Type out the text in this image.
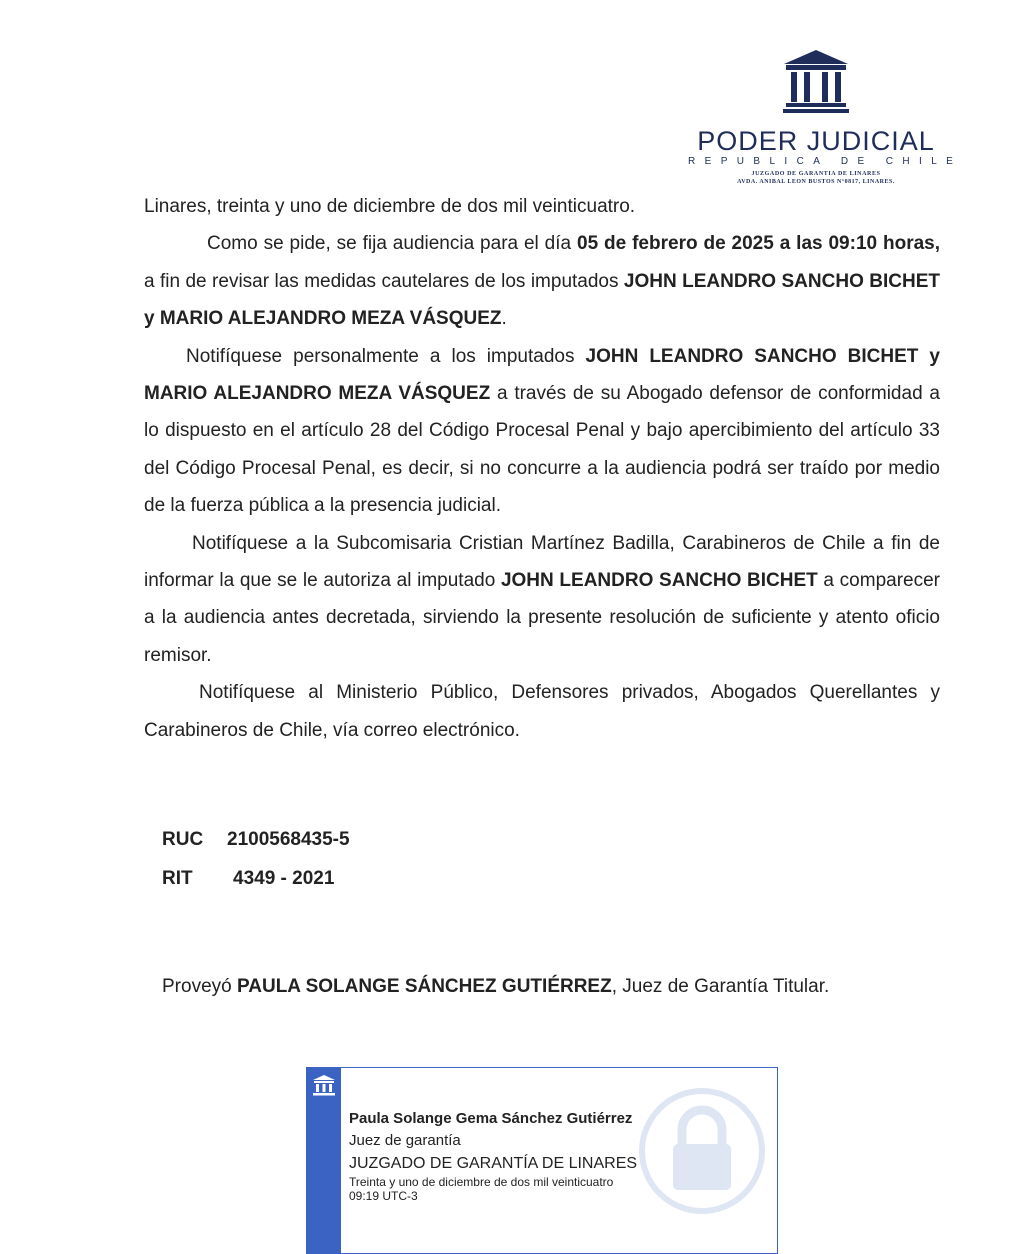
PODER JUDICIAL
REPUBLICA DE CHILE
JUZGADO DE GARANTIA DE LINARES
AVDA. ANIBAL LEON BUSTOS N°0817, LINARES.

Linares, treinta y uno de diciembre de dos mil veinticuatro.

Como se pide, se fija audiencia para el día 05 de febrero de 2025 a las 09:10 horas, a fin de revisar las medidas cautelares de los imputados JOHN LEANDRO SANCHO BICHET y MARIO ALEJANDRO MEZA VÁSQUEZ.

Notifíquese personalmente a los imputados JOHN LEANDRO SANCHO BICHET y MARIO ALEJANDRO MEZA VÁSQUEZ a través de su Abogado defensor de conformidad a lo dispuesto en el artículo 28 del Código Procesal Penal y bajo apercibimiento del artículo 33 del Código Procesal Penal, es decir, si no concurre a la audiencia podrá ser traído por medio de la fuerza pública a la presencia judicial.

Notifíquese a la Subcomisaria Cristian Martínez Badilla, Carabineros de Chile a fin de informar la que se le autoriza al imputado JOHN LEANDRO SANCHO BICHET a comparecer a la audiencia antes decretada, sirviendo la presente resolución de suficiente y atento oficio remisor.

Notifíquese al Ministerio Público, Defensores privados, Abogados Querellantes y Carabineros de Chile, vía correo electrónico.

RUC	2100568435-5
RIT	4349 - 2021
Proveyó PAULA SOLANGE SÁNCHEZ GUTIÉRREZ, Juez de Garantía Titular.
Paula Solange Gema Sánchez Gutiérrez
Juez de garantía
JUZGADO DE GARANTÍA DE LINARES
Treinta y uno de diciembre de dos mil veinticuatro
09:19 UTC-3
